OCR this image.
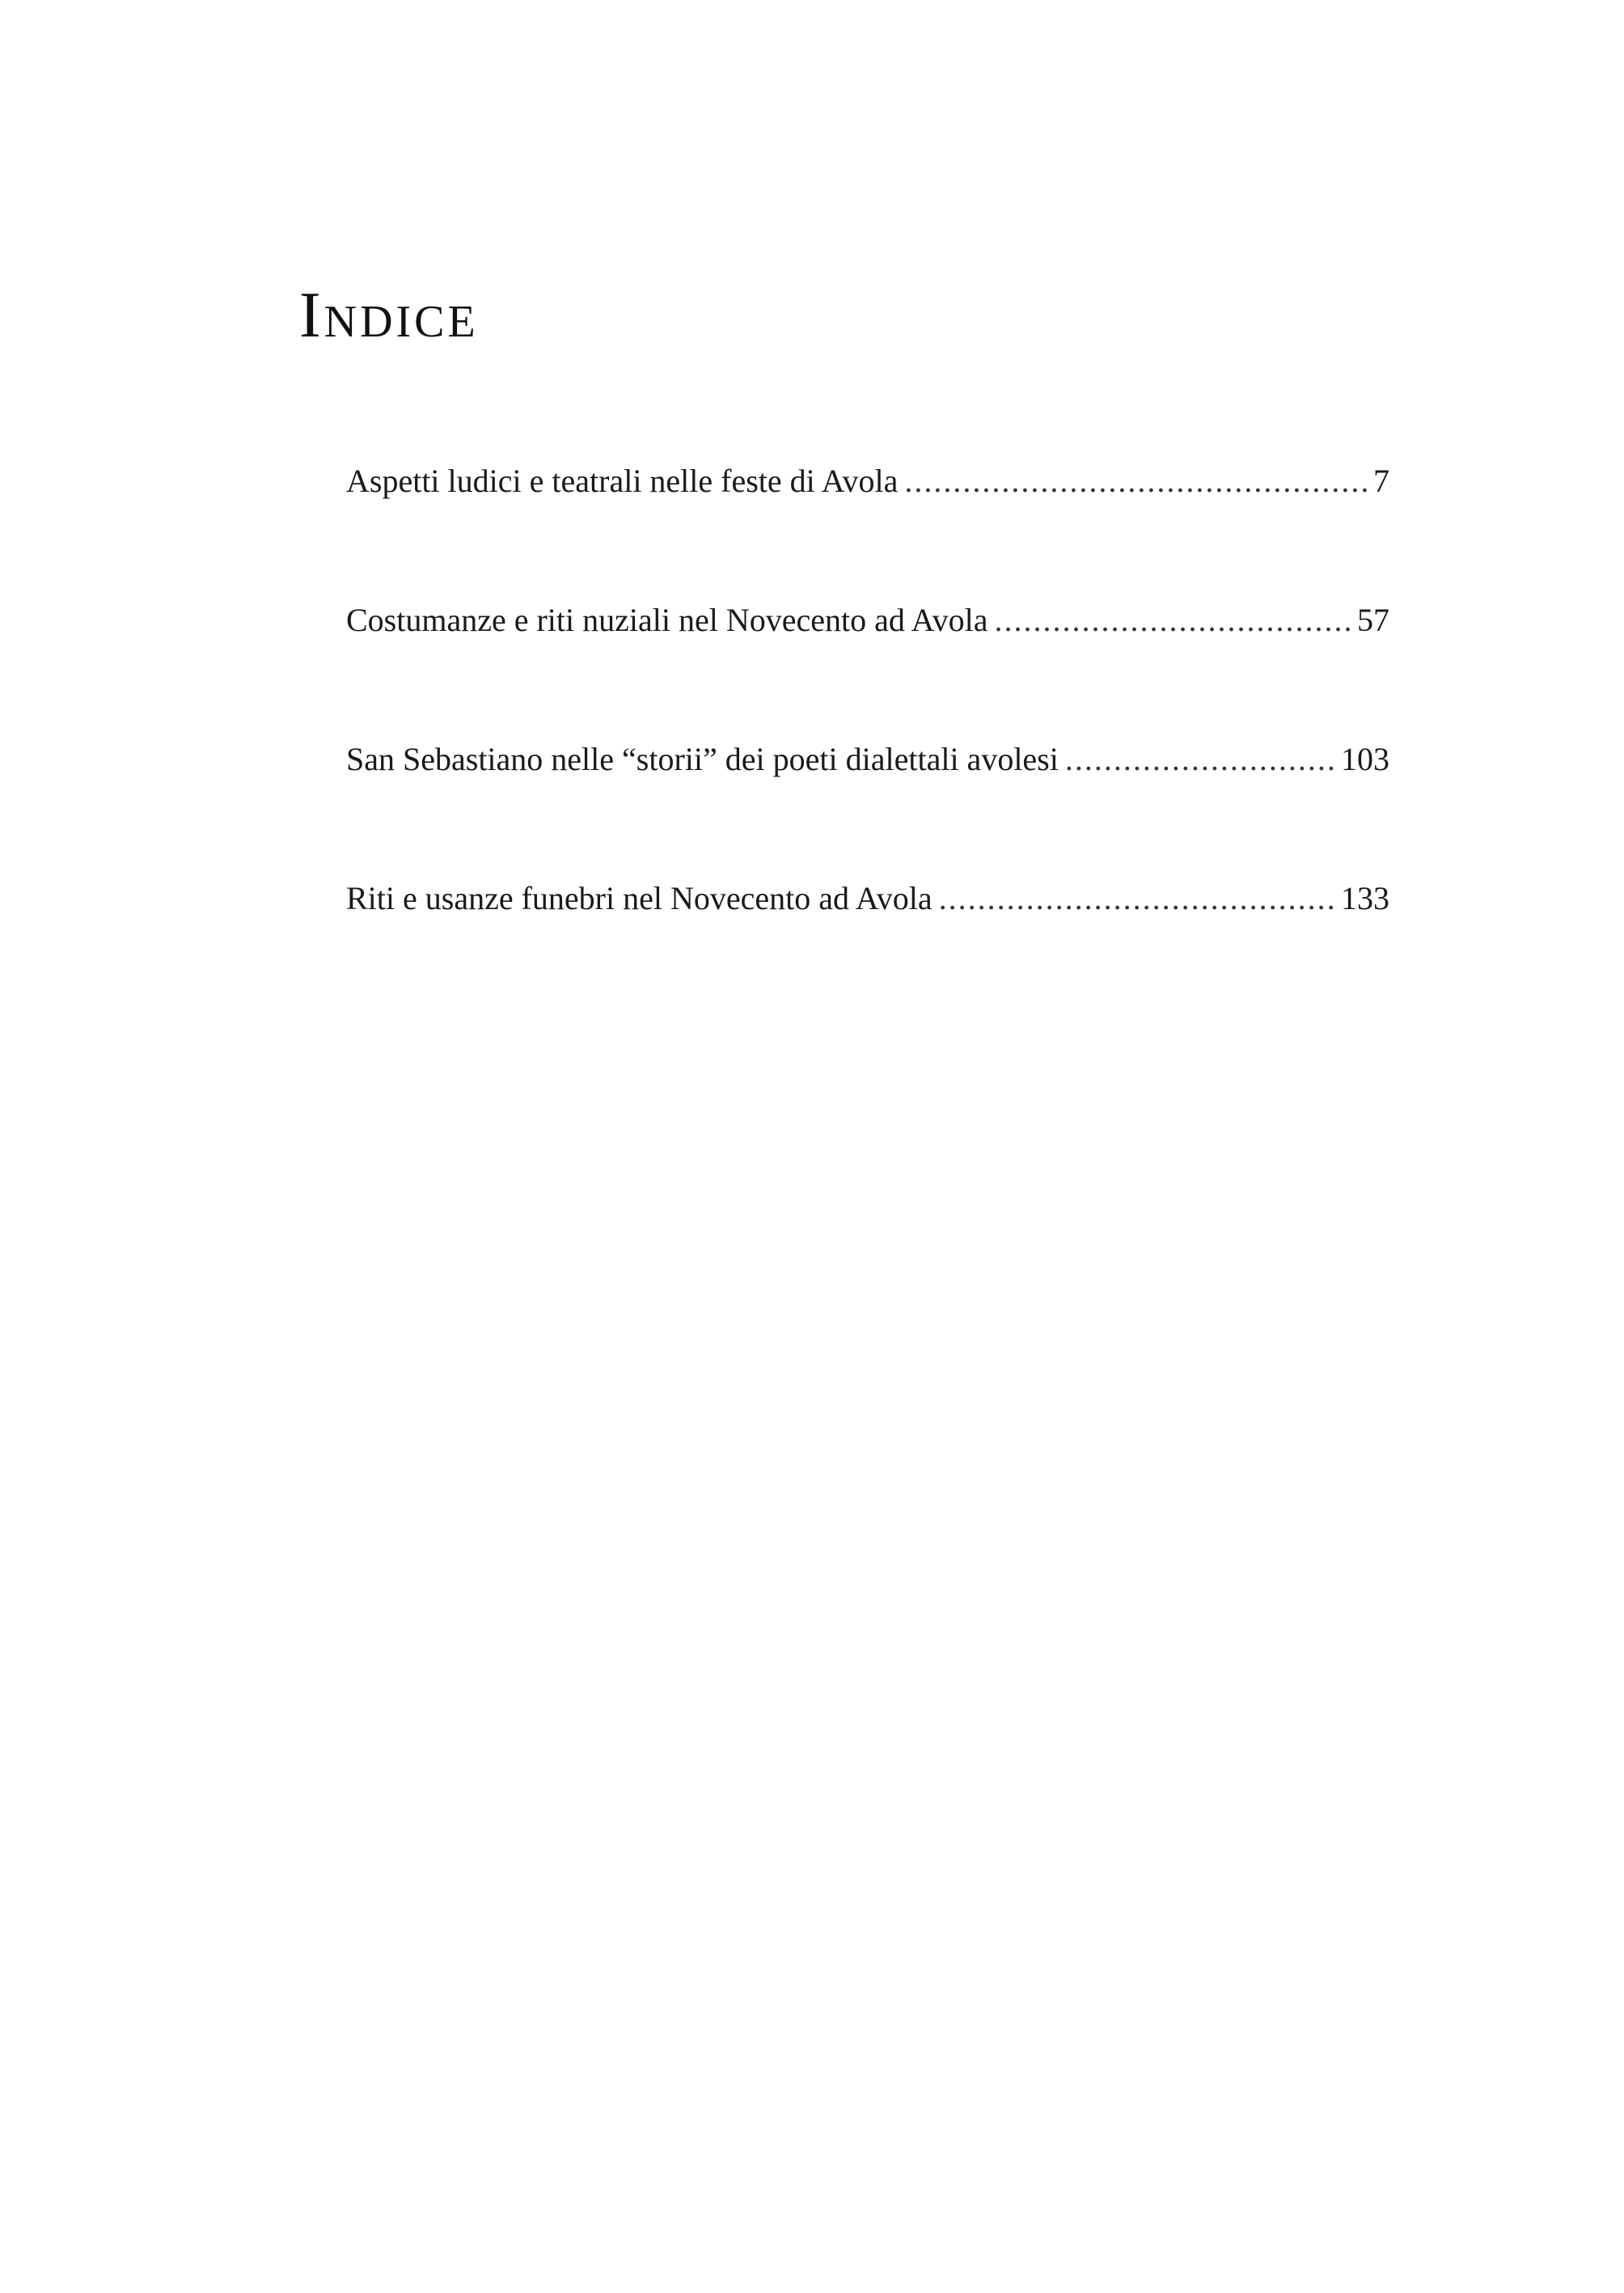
Indice
Aspetti ludici e teatrali nelle feste di Avola .....	7
Costumanze e riti nuziali nel Novecento ad Avola .....	57
San Sebastiano nelle “storii” dei poeti dialettali avolesi .....	103
Riti e usanze funebri nel Novecento ad Avola .....	133
